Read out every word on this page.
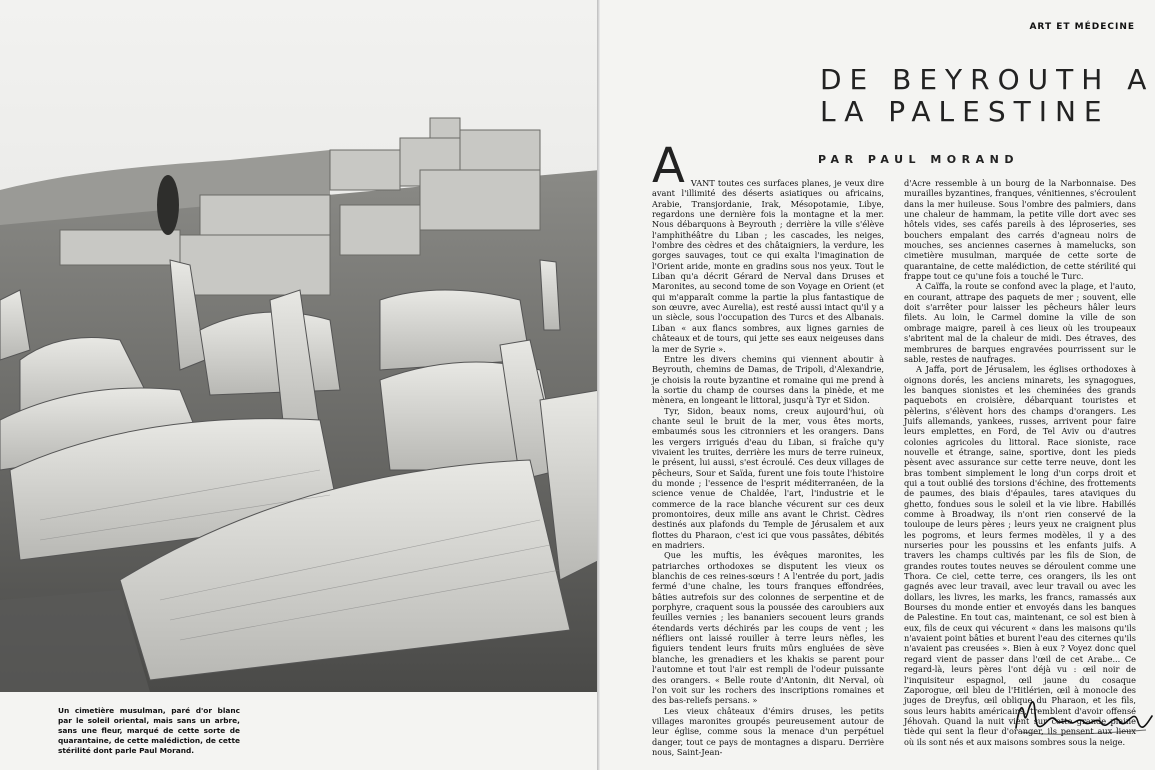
Un cimetière musulman, paré d'or blanc par le soleil oriental, mais sans un arbre, sans une fleur, marqué de cette sorte de quarantaine, de cette malédiction, de cette stérilité dont parle Paul Morand.
ART ET MÉDECINE
DE BEYROUTH A
LA PALESTINE
PAR PAUL MORAND

AVANT toutes ces surfaces planes, je veux dire avant l'illimité des déserts asiatiques ou africains, Arabie, Transjordanie, Irak, Mésopotamie, Libye, regardons une dernière fois la montagne et la mer. Nous débarquons à Beyrouth ; derrière la ville s'élève l'amphithéâtre du Liban ; les cascades, les neiges, l'ombre des cèdres et des châtaigniers, la verdure, les gorges sauvages, tout ce qui exalta l'imagination de l'Orient aride, monte en gradins sous nos yeux. Tout le Liban qu'a décrit Gérard de Nerval dans Druses et Maronites, au second tome de son Voyage en Orient (et qui m'apparaît comme la partie la plus fantastique de son œuvre, avec Aurelia), est resté aussi intact qu'il y a un siècle, sous l'occupation des Turcs et des Albanais. Liban « aux flancs sombres, aux lignes garnies de châteaux et de tours, qui jette ses eaux neigeuses dans la mer de Syrie ».

Entre les divers chemins qui viennent aboutir à Beyrouth, chemins de Damas, de Tripoli, d'Alexandrie, je choisis la route byzantine et romaine qui me prend à la sortie du champ de courses dans la pinède, et me mènera, en longeant le littoral, jusqu'à Tyr et Sidon.

Tyr, Sidon, beaux noms, creux aujourd'hui, où chante seul le bruit de la mer, vous êtes morts, embaumés sous les citronniers et les orangers. Dans les vergers irrigués d'eau du Liban, si fraîche qu'y vivaient les truites, derrière les murs de terre ruineux, le présent, lui aussi, s'est écroulé. Ces deux villages de pêcheurs, Sour et Saïda, furent une fois toute l'histoire du monde ; l'essence de l'esprit méditerranéen, de la science venue de Chaldée, l'art, l'industrie et le commerce de la race blanche vécurent sur ces deux promontoires, deux mille ans avant le Christ. Cèdres destinés aux plafonds du Temple de Jérusalem et aux flottes du Pharaon, c'est ici que vous passâtes, débités en madriers.

Que les muftis, les évêques maronites, les patriarches orthodoxes se disputent les vieux os blanchis de ces reines-sœurs ! A l'entrée du port, jadis fermé d'une chaîne, les tours franques effondrées, bâties autrefois sur des colonnes de serpentine et de porphyre, craquent sous la poussée des caroubiers aux feuilles vernies ; les bananiers secouent leurs grands étendards verts déchirés par les coups de vent ; les néfliers ont laissé rouiller à terre leurs nèfles, les figuiers tendent leurs fruits mûrs engluées de sève blanche, les grenadiers et les khakis se parent pour l'automne et tout l'air est rempli de l'odeur puissante des orangers. « Belle route d'Antonin, dit Nerval, où l'on voit sur les rochers des inscriptions romaines et des bas-reliefs persans. »

Les vieux châteaux d'émirs druses, les petits villages maronites groupés peureusement autour de leur église, comme sous la menace d'un perpétuel danger, tout ce pays de montagnes a disparu. Derrière nous, Saint-Jean-

d'Acre ressemble à un bourg de la Narbonnaise. Des murailles byzantines, franques, vénitiennes, s'écroulent dans la mer huileuse. Sous l'ombre des palmiers, dans une chaleur de hammam, la petite ville dort avec ses hôtels vides, ses cafés pareils à des léproseries, ses bouchers empalant des carrés d'agneau noirs de mouches, ses anciennes casernes à mamelucks, son cimetière musulman, marquée de cette sorte de quarantaine, de cette malédiction, de cette stérilité qui frappe tout ce qu'une fois a touché le Turc.

A Caïffa, la route se confond avec la plage, et l'auto, en courant, attrape des paquets de mer ; souvent, elle doit s'arrêter pour laisser les pêcheurs hâler leurs filets. Au loin, le Carmel domine la ville de son ombrage maigre, pareil à ces lieux où les troupeaux s'abritent mal de la chaleur de midi. Des étraves, des membrures de barques engravées pourrissent sur le sable, restes de naufrages.

A Jaffa, port de Jérusalem, les églises orthodoxes à oignons dorés, les anciens minarets, les synagogues, les banques sionistes et les cheminées des grands paquebots en croisière, débarquant touristes et pèlerins, s'élèvent hors des champs d'orangers. Les Juifs allemands, yankees, russes, arrivent pour faire leurs emplettes, en Ford, de Tel Aviv ou d'autres colonies agricoles du littoral. Race sioniste, race nouvelle et étrange, saine, sportive, dont les pieds pèsent avec assurance sur cette terre neuve, dont les bras tombent simplement le long d'un corps droit et qui a tout oublié des torsions d'échine, des frottements de paumes, des biais d'épaules, tares ataviques du ghetto, fondues sous le soleil et la vie libre. Habillés comme à Broadway, ils n'ont rien conservé de la touloupe de leurs pères ; leurs yeux ne craignent plus les pogroms, et leurs fermes modèles, il y a des nurseries pour les poussins et les enfants juifs. A travers les champs cultivés par les fils de Sion, de grandes routes toutes neuves se déroulent comme une Thora. Ce ciel, cette terre, ces orangers, ils les ont gagnés avec leur travail, avec leur travail ou avec les dollars, les livres, les marks, les francs, ramassés aux Bourses du monde entier et envoyés dans les banques de Palestine. En tout cas, maintenant, ce sol est bien à eux, fils de ceux qui vécurent « dans les maisons qu'ils n'avaient point bâties et burent l'eau des citernes qu'ils n'avaient pas creusées ». Bien à eux ? Voyez donc quel regard vient de passer dans l'œil de cet Arabe... Ce regard-là, leurs pères l'ont déjà vu : œil noir de l'inquisiteur espagnol, œil jaune du cosaque Zaporogue, œil bleu de l'Hitlérien, œil à monocle des juges de Dreyfus, œil oblique du Pharaon, et les fils, sous leurs habits américains, tremblent d'avoir offensé Jéhovah. Quand la nuit vient sur cette grande plaine tiède qui sent la fleur d'oranger, ils pensent aux lieux où ils sont nés et aux maisons sombres sous la neige.
